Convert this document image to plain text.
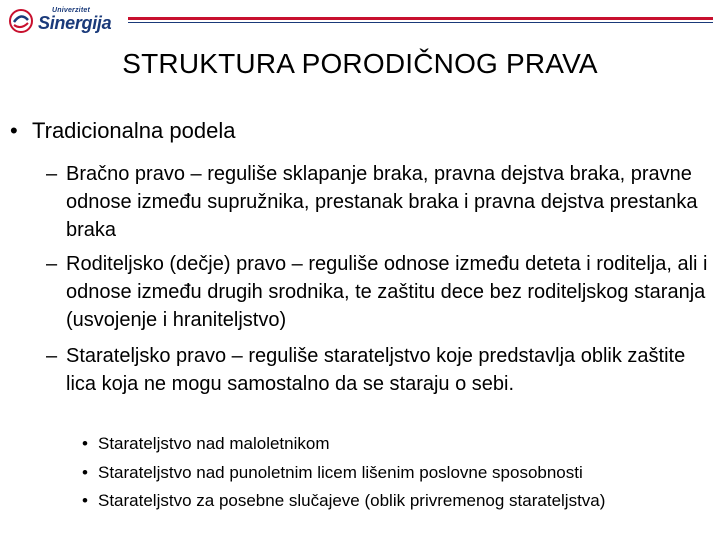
Univerzitet
Sinergija
STRUKTURA PORODIČNOG PRAVA
• Tradicionalna podela
– Bračno pravo – reguliše sklapanje braka, pravna dejstva braka, pravne odnose između supružnika, prestanak braka i pravna dejstva prestanka braka
– Roditeljsko (dečje) pravo – reguliše odnose između deteta i roditelja, ali i odnose između drugih srodnika, te zaštitu dece bez roditeljskog staranja (usvojenje i hraniteljstvo)
– Starateljsko pravo – reguliše starateljstvo koje predstavlja oblik zaštite lica koja ne mogu samostalno da se staraju o sebi.
• Starateljstvo nad maloletnikom
• Starateljstvo nad punoletnim licem lišenim poslovne sposobnosti
• Starateljstvo za posebne slučajeve (oblik privremenog starateljstva)
